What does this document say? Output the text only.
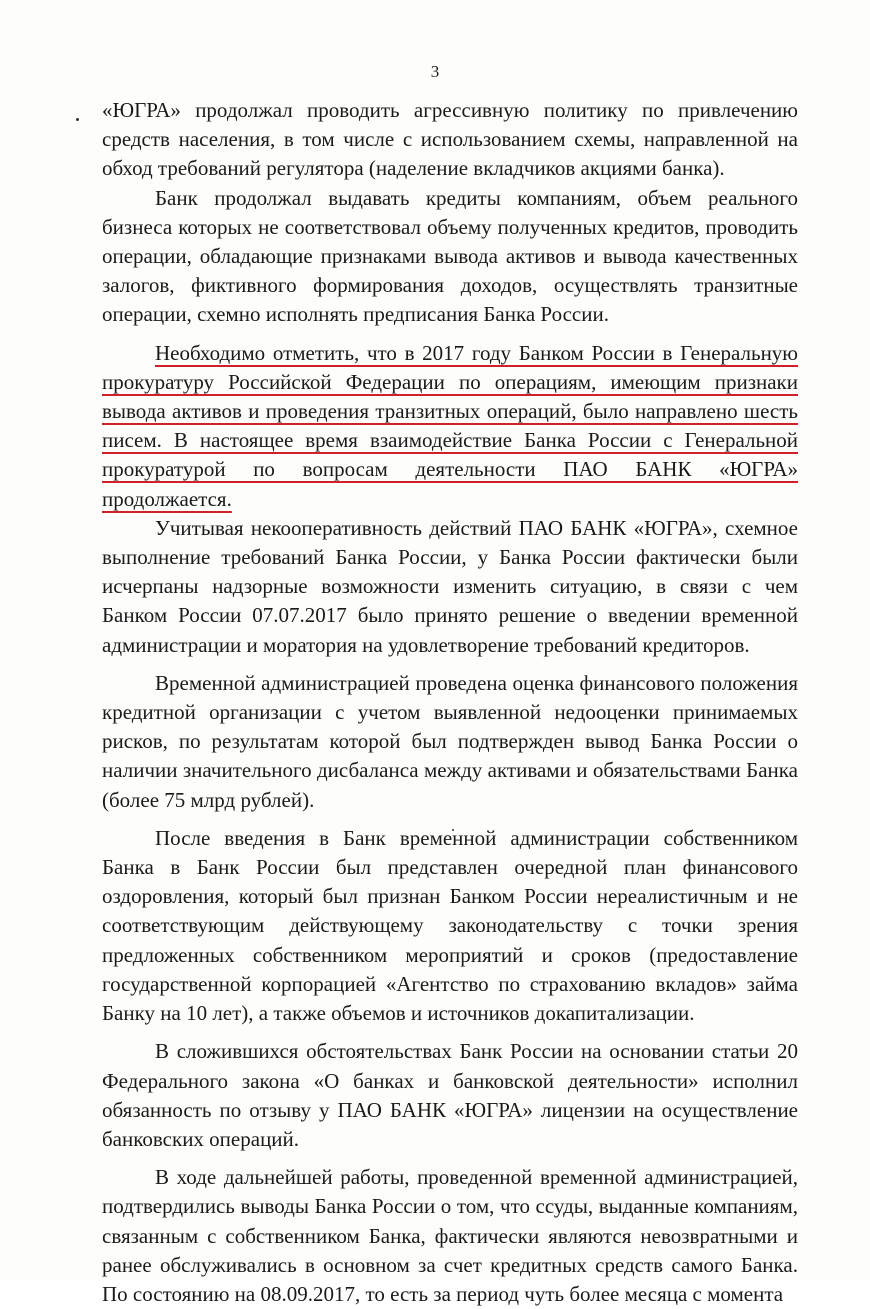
3

«ЮГРА» продолжал проводить агрессивную политику по привлечению средств населения, в том числе с использованием схемы, направленной на обход требований регулятора (наделение вкладчиков акциями банка).

Банк продолжал выдавать кредиты компаниям, объем реального бизнеса которых не соответствовал объему полученных кредитов, проводить операции, обладающие признаками вывода активов и вывода качественных залогов, фиктивного формирования доходов, осуществлять транзитные операции, схемно исполнять предписания Банка России.

Необходимо отметить, что в 2017 году Банком России в Генеральную прокуратуру Российской Федерации по операциям, имеющим признаки вывода активов и проведения транзитных операций, было направлено шесть писем. В настоящее время взаимодействие Банка России с Генеральной прокуратурой по вопросам деятельности ПАО БАНК «ЮГРА» продолжается.

Учитывая некооперативность действий ПАО БАНК «ЮГРА», схемное выполнение требований Банка России, у Банка России фактически были исчерпаны надзорные возможности изменить ситуацию, в связи с чем Банком России 07.07.2017 было принято решение о введении временной администрации и моратория на удовлетворение требований кредиторов.

Временной администрацией проведена оценка финансового положения кредитной организации с учетом выявленной недооценки принимаемых рисков, по результатам которой был подтвержден вывод Банка России о наличии значительного дисбаланса между активами и обязательствами Банка (более 75 млрд рублей).

После введения в Банк временной администрации собственником Банка в Банк России был представлен очередной план финансового оздоровления, который был признан Банком России нереалистичным и не соответствующим действующему законодательству с точки зрения предложенных собственником мероприятий и сроков (предоставление государственной корпорацией «Агентство по страхованию вкладов» займа Банку на 10 лет), а также объемов и источников докапитализации.

В сложившихся обстоятельствах Банк России на основании статьи 20 Федерального закона «О банках и банковской деятельности» исполнил обязанность по отзыву у ПАО БАНК «ЮГРА» лицензии на осуществление банковских операций.

В ходе дальнейшей работы, проведенной временной администрацией, подтвердились выводы Банка России о том, что ссуды, выданные компаниям, связанным с собственником Банка, фактически являются невозвратными и ранее обслуживались в основном за счет кредитных средств самого Банка. По состоянию на 08.09.2017, то есть за период чуть более месяца с момента
